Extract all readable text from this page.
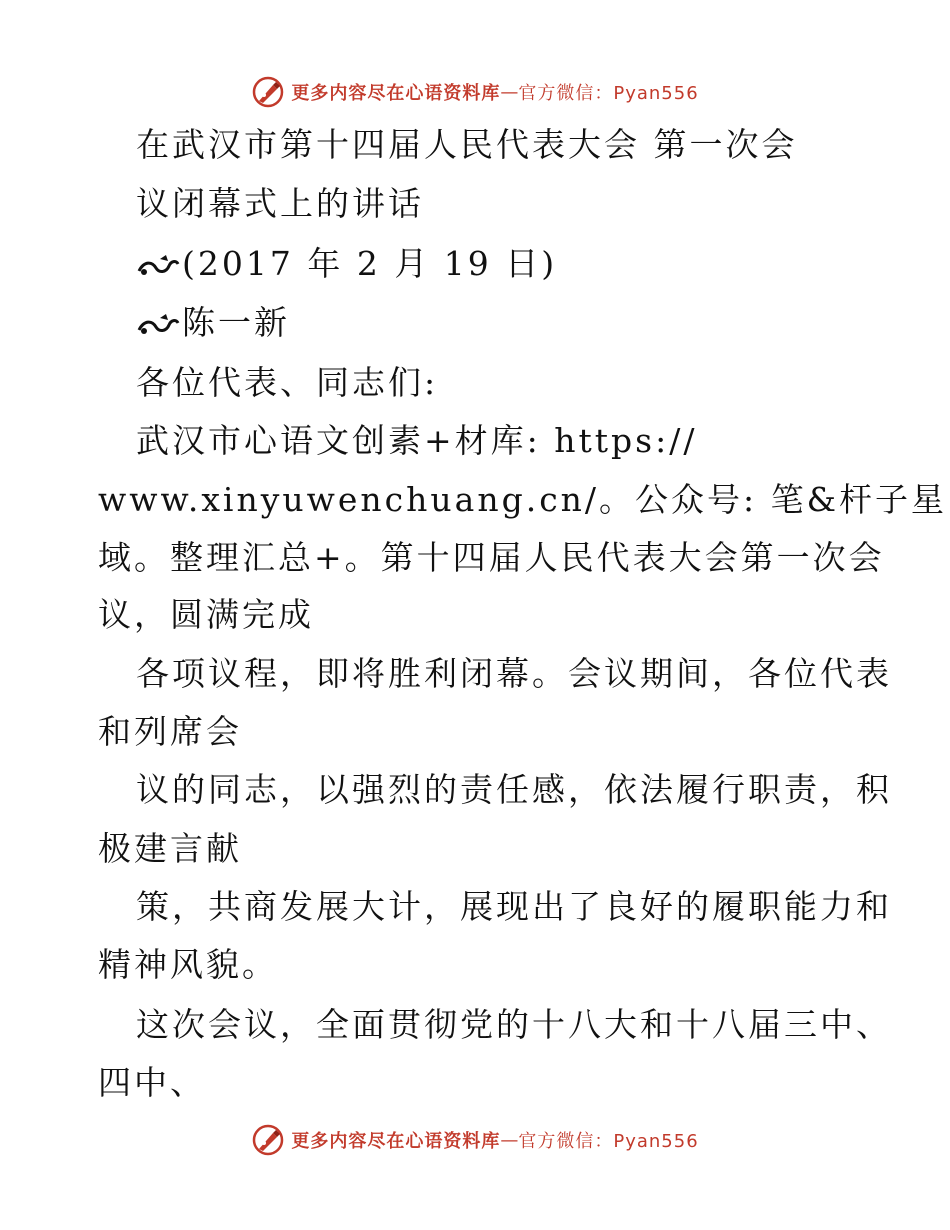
更多内容尽在心语资料库 — 官方微信：Pyan556
在武汉市第十四届人民代表大会 第一次会
议闭幕式上的讲话
(2017 年 2 月 19 日)
陈一新
各位代表、同志们:
武汉市心语文创素+材库: https://
www.xinyuwenchuang.cn/。公众号: 笔&杆子星
域。整理汇总+。第十四届人民代表大会第一次会
议，圆满完成
各项议程，即将胜利闭幕。会议期间，各位代表
和列席会
议的同志，以强烈的责任感，依法履行职责，积
极建言献
策，共商发展大计，展现出了良好的履职能力和
精神风貌。
这次会议，全面贯彻党的十八大和十八届三中、
四中、
更多内容尽在心语资料库 — 官方微信：Pyan556
